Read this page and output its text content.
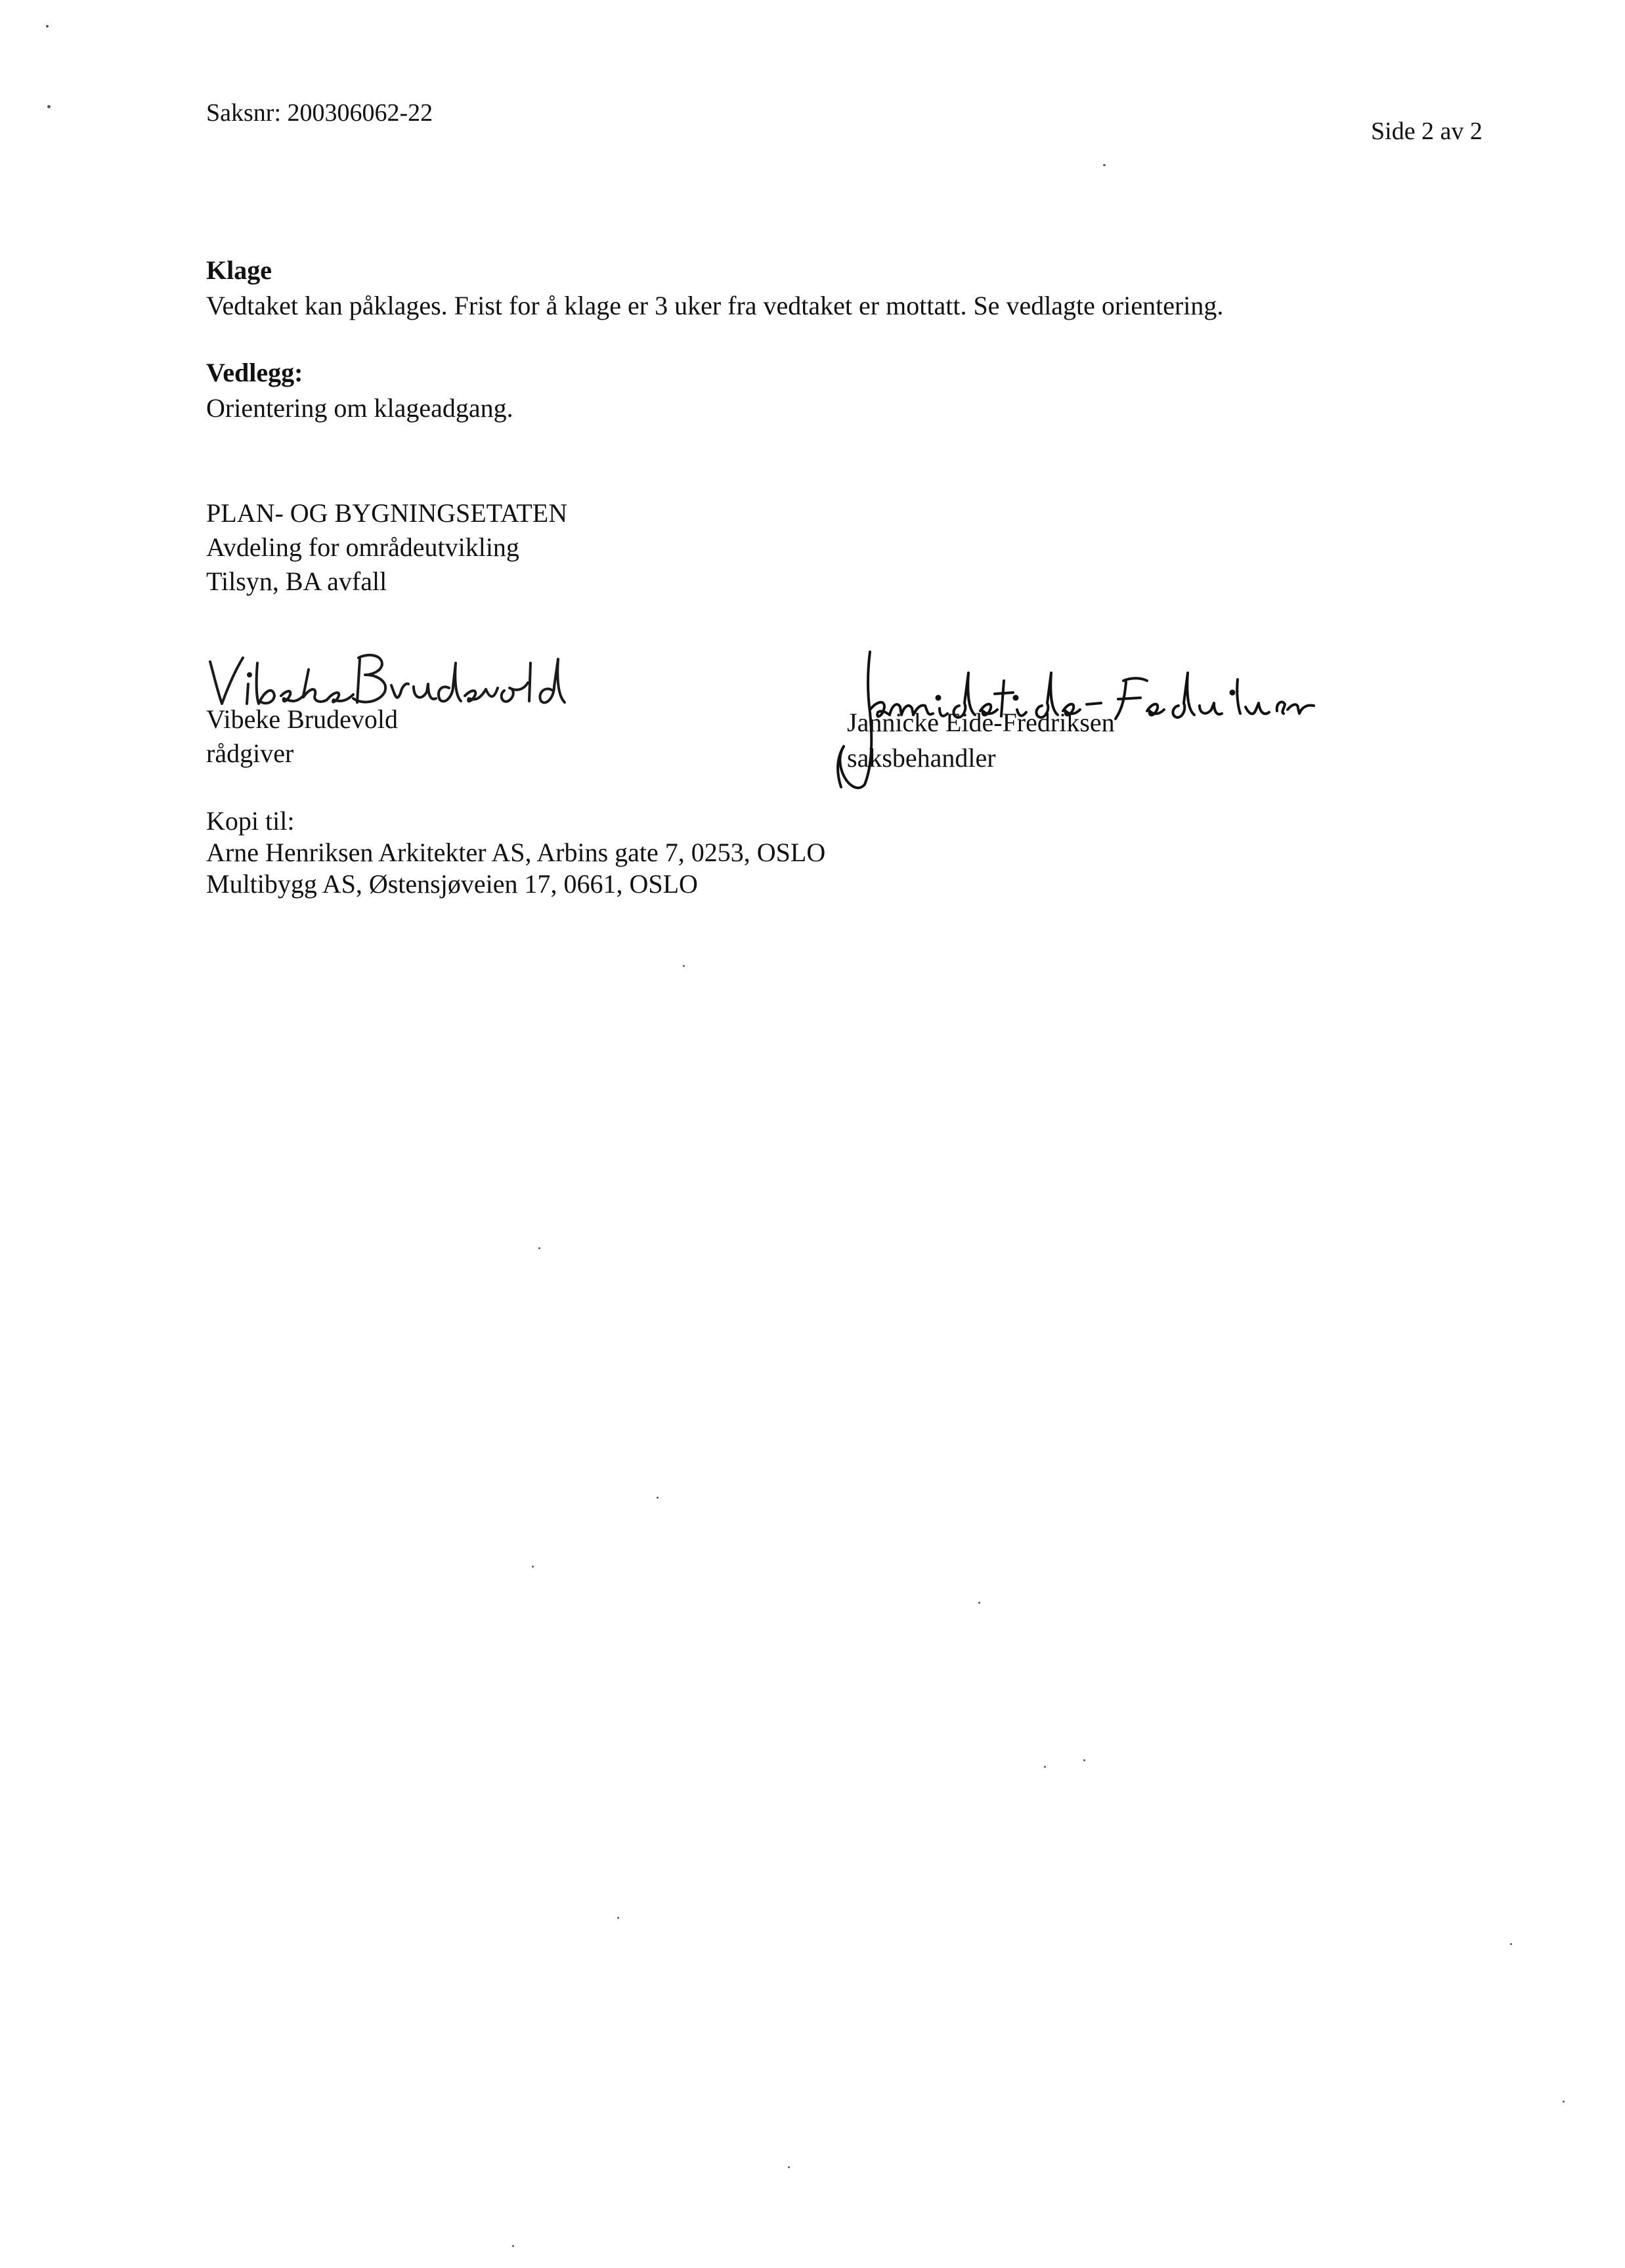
Saksnr: 200306062-22
Side 2 av 2
Klage
Vedtaket kan påklages. Frist for å klage er 3 uker fra vedtaket er mottatt. Se vedlagte orientering.
Vedlegg:
Orientering om klageadgang.
PLAN- OG BYGNINGSETATEN
Avdeling for områdeutvikling
Tilsyn, BA avfall
Vibeke Brudevold
rådgiver
Jannicke Eide-Fredriksen
saksbehandler
Kopi til:
Arne Henriksen Arkitekter AS, Arbins gate 7, 0253, OSLO
Multibygg AS, Østensjøveien 17, 0661, OSLO
